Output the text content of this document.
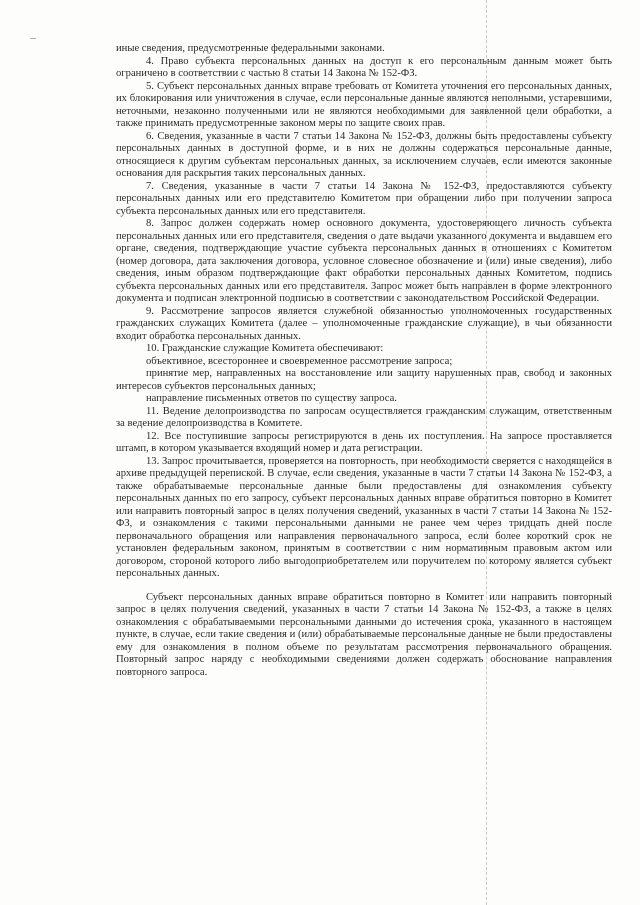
иные сведения, предусмотренные федеральными законами.

4. Право субъекта персональных данных на доступ к его персональным данным может быть ограничено в соответствии с частью 8 статьи 14 Закона № 152-ФЗ.

5. Субъект персональных данных вправе требовать от Комитета уточнения его персональных данных, их блокирования или уничтожения в случае, если персональные данные являются неполными, устаревшими, неточными, незаконно полученными или не являются необходимыми для заявленной цели обработки, а также принимать предусмотренные законом меры по защите своих прав.

6. Сведения, указанные в части 7 статьи 14 Закона № 152-ФЗ, должны быть предоставлены субъекту персональных данных в доступной форме, и в них не должны содержаться персональные данные, относящиеся к другим субъектам персональных данных, за исключением случаев, если имеются законные основания для раскрытия таких персональных данных.

7. Сведения, указанные в части 7 статьи 14 Закона № 152-ФЗ, предоставляются субъекту персональных данных или его представителю Комитетом при обращении либо при получении запроса субъекта персональных данных или его представителя.

8. Запрос должен содержать номер основного документа, удостоверяющего личность субъекта персональных данных или его представителя, сведения о дате выдачи указанного документа и выдавшем его органе, сведения, подтверждающие участие субъекта персональных данных в отношениях с Комитетом (номер договора, дата заключения договора, условное словесное обозначение и (или) иные сведения), либо сведения, иным образом подтверждающие факт обработки персональных данных Комитетом, подпись субъекта персональных данных или его представителя. Запрос может быть направлен в форме электронного документа и подписан электронной подписью в соответствии с законодательством Российской Федерации.

9. Рассмотрение запросов является служебной обязанностью уполномоченных государственных гражданских служащих Комитета (далее – уполномоченные гражданские служащие), в чьи обязанности входит обработка персональных данных.

10. Гражданские служащие Комитета обеспечивают:

объективное, всестороннее и своевременное рассмотрение запроса;

принятие мер, направленных на восстановление или защиту нарушенных прав, свобод и законных интересов субъектов персональных данных;

направление письменных ответов по существу запроса.

11. Ведение делопроизводства по запросам осуществляется гражданским служащим, ответственным за ведение делопроизводства в Комитете.

12. Все поступившие запросы регистрируются в день их поступления. На запросе проставляется штамп, в котором указывается входящий номер и дата регистрации.

13. Запрос прочитывается, проверяется на повторность, при необходимости сверяется с находящейся в архиве предыдущей перепиской. В случае, если сведения, указанные в части 7 статьи 14 Закона № 152-ФЗ, а также обрабатываемые персональные данные были предоставлены для ознакомления субъекту персональных данных по его запросу, субъект персональных данных вправе обратиться повторно в Комитет или направить повторный запрос в целях получения сведений, указанных в части 7 статьи 14 Закона № 152-ФЗ, и ознакомления с такими персональными данными не ранее чем через тридцать дней после первоначального обращения или направления первоначального запроса, если более короткий срок не установлен федеральным законом, принятым в соответствии с ним нормативным правовым актом или договором, стороной которого либо выгодоприобретателем или поручителем по которому является субъект персональных данных.

Субъект персональных данных вправе обратиться повторно в Комитет или направить повторный запрос в целях получения сведений, указанных в части 7 статьи 14 Закона № 152-ФЗ, а также в целях ознакомления с обрабатываемыми персональными данными до истечения срока, указанного в настоящем пункте, в случае, если такие сведения и (или) обрабатываемые персональные данные не были предоставлены ему для ознакомления в полном объеме по результатам рассмотрения первоначального обращения. Повторный запрос наряду с необходимыми сведениями должен содержать обоснование направления повторного запроса.
